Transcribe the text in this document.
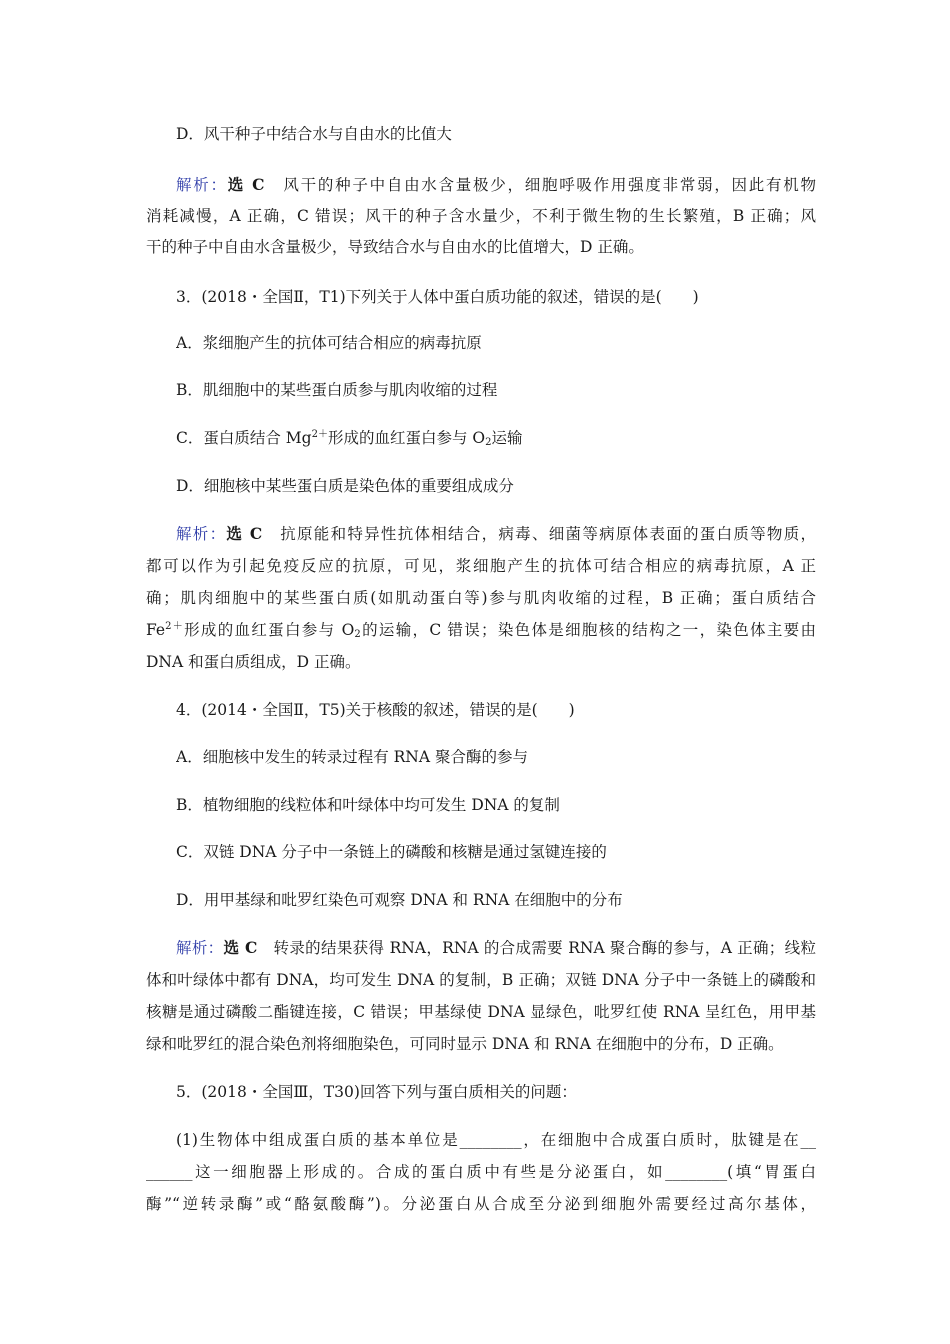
D．风干种子中结合水与自由水的比值大
解析：选 C　 风干的种子中自由水含量极少，细胞呼吸作用强度非常弱，因此有机物
消耗减慢，A 正确，C 错误；风干的种子含水量少，不利于微生物的生长繁殖，B 正确；风
干的种子中自由水含量极少，导致结合水与自由水的比值增大，D 正确。
3．(2018・全国Ⅱ，T1)下列关于人体中蛋白质功能的叙述，错误的是(　　)
A．浆细胞产生的抗体可结合相应的病毒抗原
B．肌细胞中的某些蛋白质参与肌肉收缩的过程
C．蛋白质结合 $Mg^{2+}$形成的血红蛋白参与 $O_2$运输
D．细胞核中某些蛋白质是染色体的重要组成成分
解析：选 C　 抗原能和特异性抗体相结合，病毒、细菌等病原体表面的蛋白质等物质，
都可以作为引起免疫反应的抗原，可见，浆细胞产生的抗体可结合相应的病毒抗原，A 正
确；肌肉细胞中的某些蛋白质(如肌动蛋白等)参与肌肉收缩的过程，B 正确；蛋白质结合
$Fe^{2+}$形成的血红蛋白参与 $O_2$的运输，C 错误；染色体是细胞核的结构之一，染色体主要由
DNA 和蛋白质组成，D 正确。
4．(2014・全国Ⅱ，T5)关于核酸的叙述，错误的是(　　)
A．细胞核中发生的转录过程有 RNA 聚合酶的参与
B．植物细胞的线粒体和叶绿体中均可发生 DNA 的复制
C．双链 DNA 分子中一条链上的磷酸和核糖是通过氢键连接的
D．用甲基绿和吡罗红染色可观察 DNA 和 RNA 在细胞中的分布
解析：选 C　 转录的结果获得 RNA，RNA 的合成需要 RNA 聚合酶的参与，A 正确；线粒
体和叶绿体中都有 DNA，均可发生 DNA 的复制，B 正确；双链 DNA 分子中一条链上的磷酸和
核糖是通过磷酸二酯键连接，C 错误；甲基绿使 DNA 显绿色，吡罗红使 RNA 呈红色，用甲基
绿和吡罗红的混合染色剂将细胞染色，可同时显示 DNA 和 RNA 在细胞中的分布，D 正确。
5．(2018・全国Ⅲ，T30)回答下列与蛋白质相关的问题：
(1)生物体中组成蛋白质的基本单位是________，在细胞中合成蛋白质时，肽键是在__
______这一细胞器上形成的。合成的蛋白质中有些是分泌蛋白，如________(填“胃蛋白
酶”“逆转录酶”或“酪氨酸酶”)。分泌蛋白从合成至分泌到细胞外需要经过高尔基体，
